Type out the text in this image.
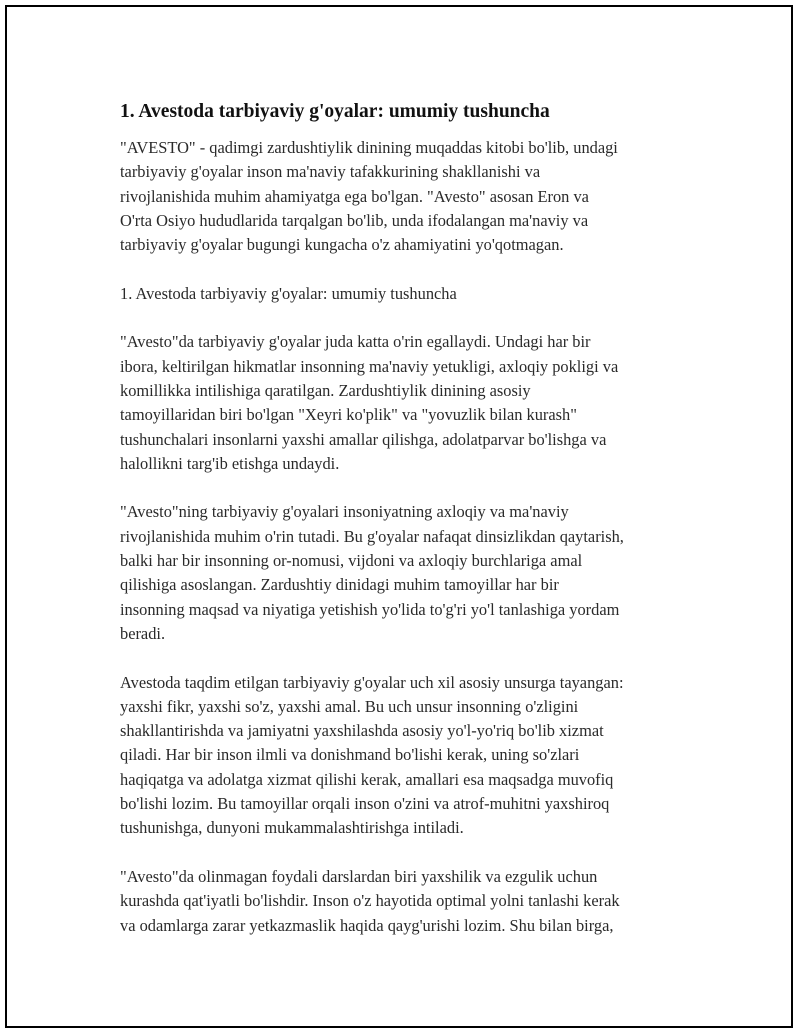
1. Avestoda tarbiyaviy g'oyalar: umumiy tushuncha

"AVESTO" - qadimgi zardushtiylik dinining muqaddas kitobi bo'lib, undagi
tarbiyaviy g'oyalar inson ma'naviy tafakkurining shakllanishi va
rivojlanishida muhim ahamiyatga ega bo'lgan. "Avesto" asosan Eron va
O'rta Osiyo hududlarida tarqalgan bo'lib, unda ifodalangan ma'naviy va
tarbiyaviy g'oyalar bugungi kungacha o'z ahamiyatini yo'qotmagan.

1. Avestoda tarbiyaviy g'oyalar: umumiy tushuncha

"Avesto"da tarbiyaviy g'oyalar juda katta o'rin egallaydi. Undagi har bir
ibora, keltirilgan hikmatlar insonning ma'naviy yetukligi, axloqiy pokligi va
komillikka intilishiga qaratilgan. Zardushtiylik dinining asosiy
tamoyillaridan biri bo'lgan "Xeyri ko'plik" va "yovuzlik bilan kurash"
tushunchalari insonlarni yaxshi amallar qilishga, adolatparvar bo'lishga va
halollikni targ'ib etishga undaydi.

"Avesto"ning tarbiyaviy g'oyalari insoniyatning axloqiy va ma'naviy
rivojlanishida muhim o'rin tutadi. Bu g'oyalar nafaqat dinsizlikdan qaytarish,
balki har bir insonning or-nomusi, vijdoni va axloqiy burchlariga amal
qilishiga asoslangan. Zardushtiy dinidagi muhim tamoyillar har bir
insonning maqsad va niyatiga yetishish yo'lida to'g'ri yo'l tanlashiga yordam
beradi.

Avestoda taqdim etilgan tarbiyaviy g'oyalar uch xil asosiy unsurga tayangan:
yaxshi fikr, yaxshi so'z, yaxshi amal. Bu uch unsur insonning o'zligini
shakllantirishda va jamiyatni yaxshilashda asosiy yo'l-yo'riq bo'lib xizmat
qiladi. Har bir inson ilmli va donishmand bo'lishi kerak, uning so'zlari
haqiqatga va adolatga xizmat qilishi kerak, amallari esa maqsadga muvofiq
bo'lishi lozim. Bu tamoyillar orqali inson o'zini va atrof-muhitni yaxshiroq
tushunishga, dunyoni mukammalashtirishga intiladi.

"Avesto"da olinmagan foydali darslardan biri yaxshilik va ezgulik uchun
kurashda qat'iyatli bo'lishdir. Inson o'z hayotida optimal yolni tanlashi kerak
va odamlarga zarar yetkazmaslik haqida qayg'urishi lozim. Shu bilan birga,
